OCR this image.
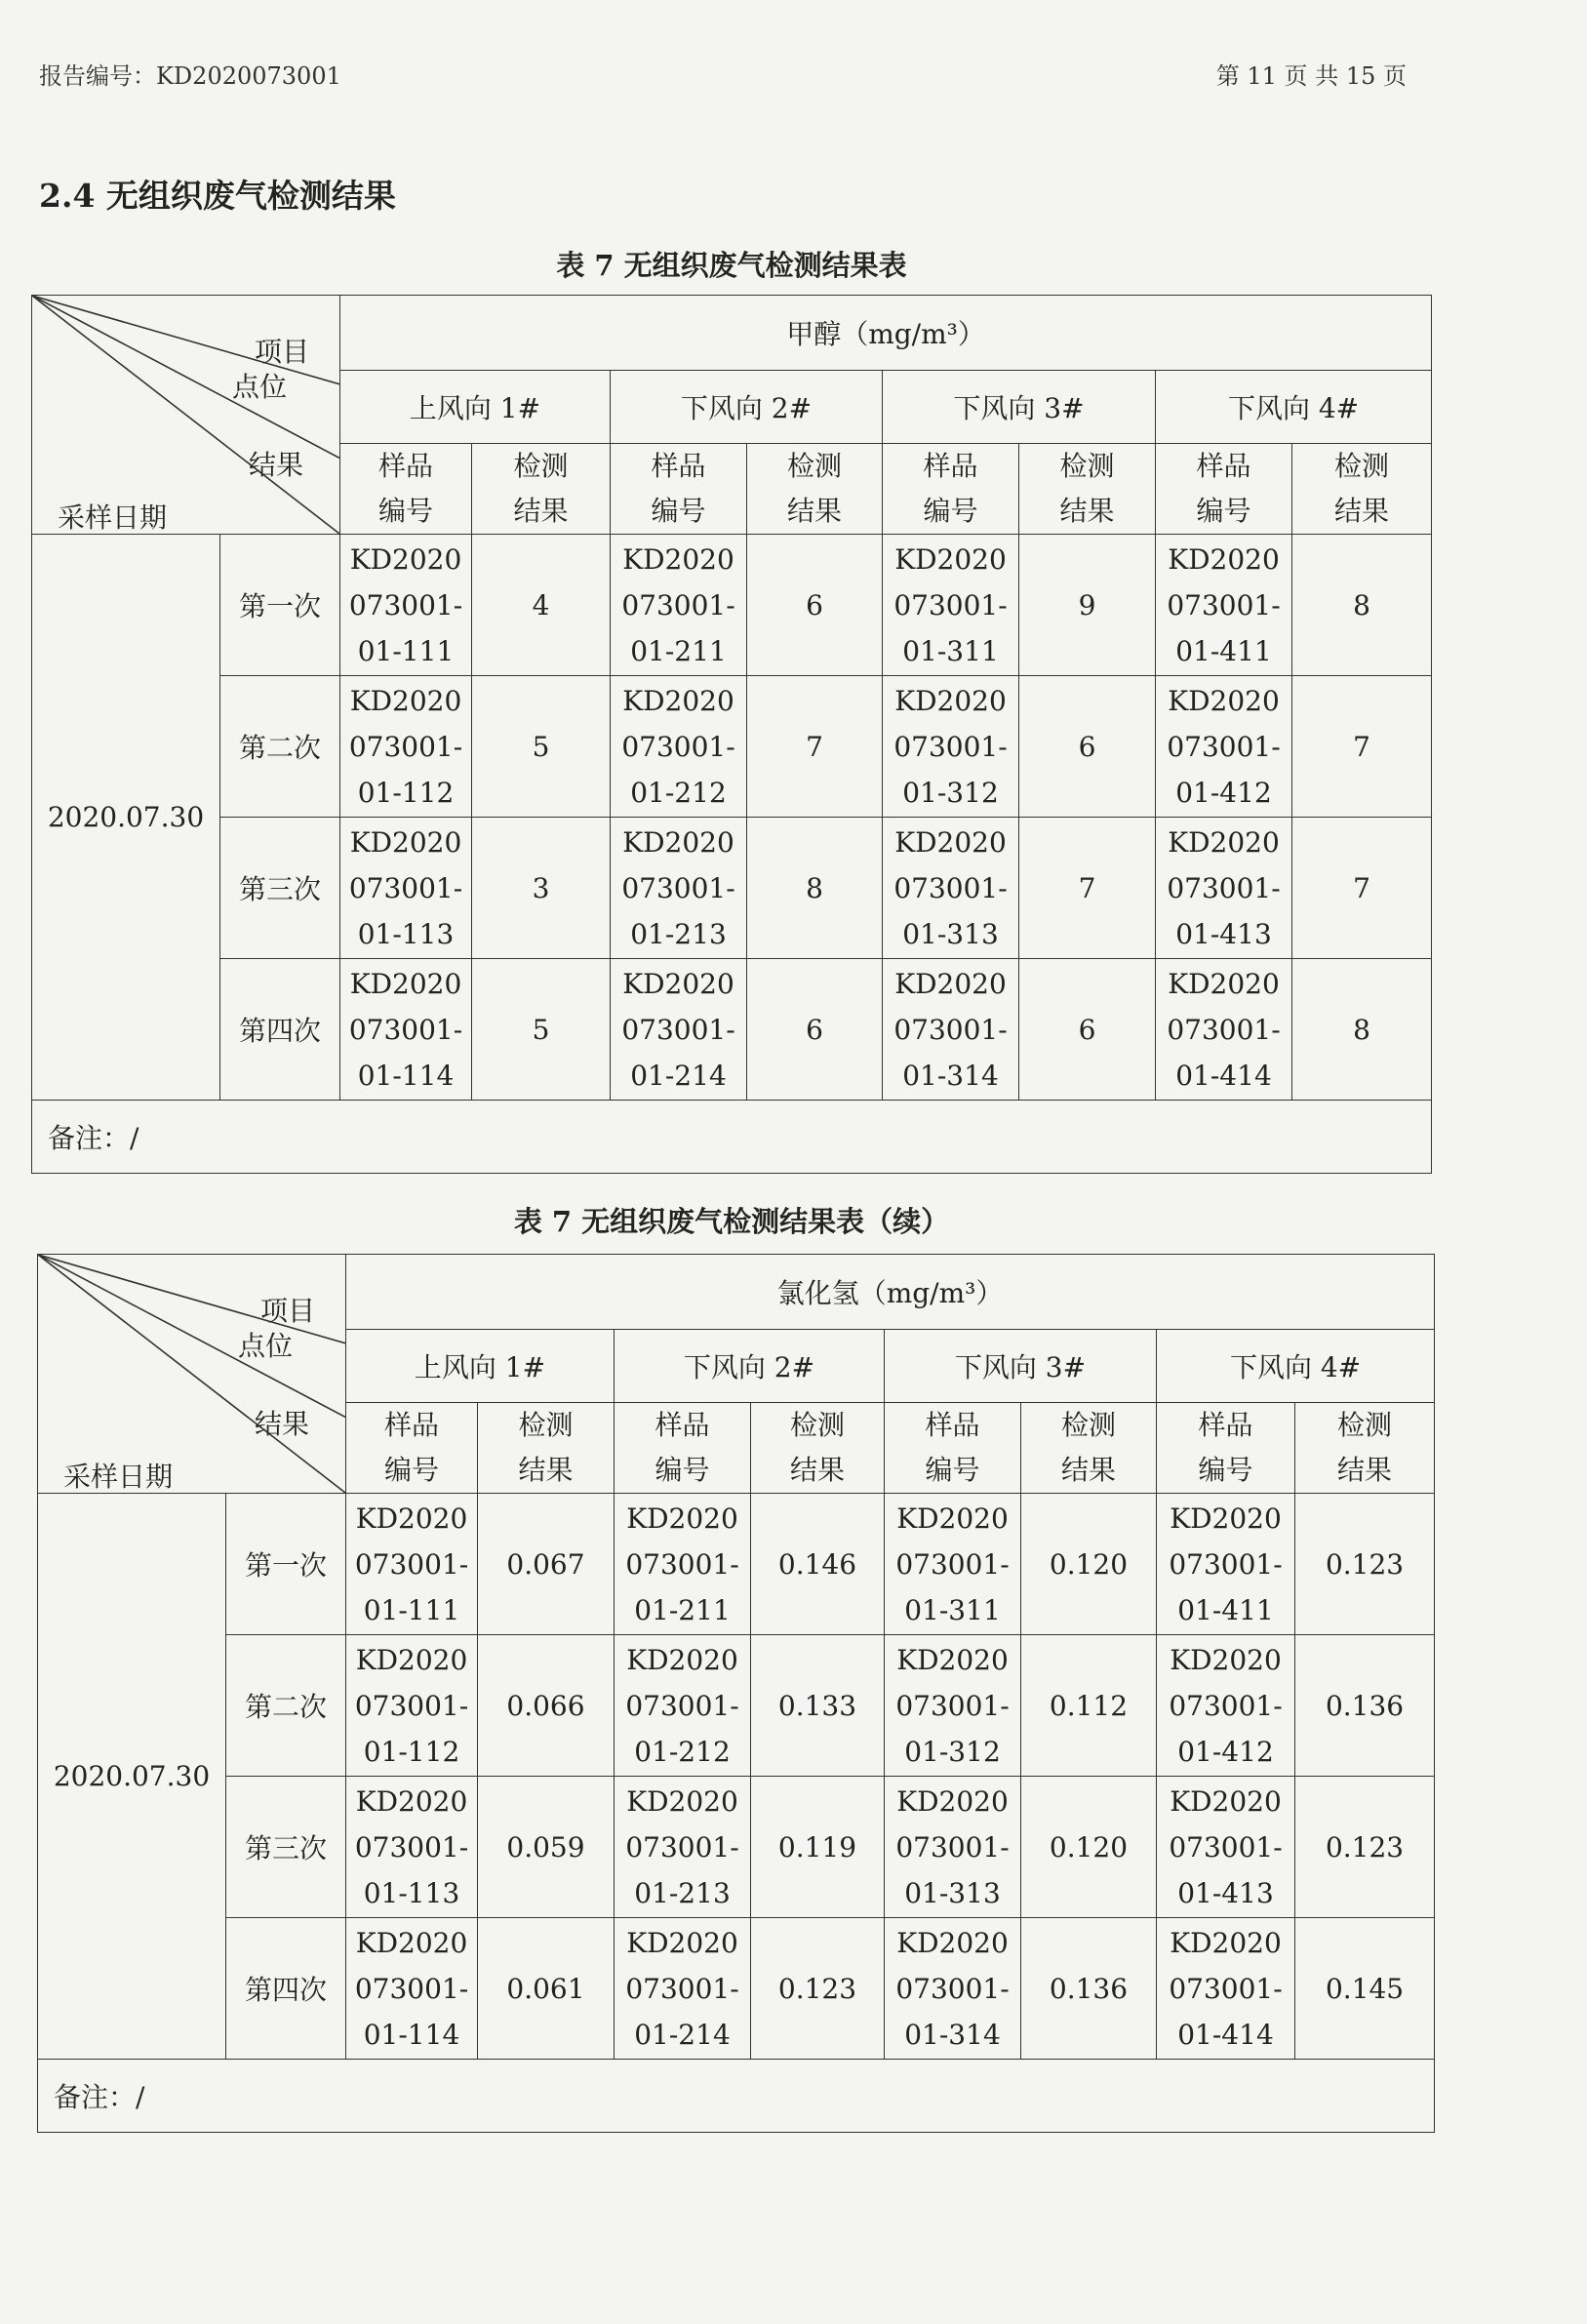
报告编号：KD2020073001	第 11 页 共 15 页
2.4 无组织废气检测结果
表 7 无组织废气检测结果表
项目
点位
结果
采样日期		甲醇（mg/m³）							
		上风向 1#		下风向 2#		下风向 3#		下风向 4#	
		样品
编号	检测
结果	样品
编号	检测
结果	样品
编号	检测
结果	样品
编号	检测
结果
2020.07.30	第一次	KD2020
073001-
01-111	4	KD2020
073001-
01-211	6	KD2020
073001-
01-311	9	KD2020
073001-
01-411	8
	第二次	KD2020
073001-
01-112	5	KD2020
073001-
01-212	7	KD2020
073001-
01-312	6	KD2020
073001-
01-412	7
	第三次	KD2020
073001-
01-113	3	KD2020
073001-
01-213	8	KD2020
073001-
01-313	7	KD2020
073001-
01-413	7
	第四次	KD2020
073001-
01-114	5	KD2020
073001-
01-214	6	KD2020
073001-
01-314	6	KD2020
073001-
01-414	8
备注：/									
表 7 无组织废气检测结果表（续）
项目
点位
结果
采样日期		氯化氢（mg/m³）							
		上风向 1#		下风向 2#		下风向 3#		下风向 4#	
		样品
编号	检测
结果	样品
编号	检测
结果	样品
编号	检测
结果	样品
编号	检测
结果
2020.07.30	第一次	KD2020
073001-
01-111	0.067	KD2020
073001-
01-211	0.146	KD2020
073001-
01-311	0.120	KD2020
073001-
01-411	0.123
	第二次	KD2020
073001-
01-112	0.066	KD2020
073001-
01-212	0.133	KD2020
073001-
01-312	0.112	KD2020
073001-
01-412	0.136
	第三次	KD2020
073001-
01-113	0.059	KD2020
073001-
01-213	0.119	KD2020
073001-
01-313	0.120	KD2020
073001-
01-413	0.123
	第四次	KD2020
073001-
01-114	0.061	KD2020
073001-
01-214	0.123	KD2020
073001-
01-314	0.136	KD2020
073001-
01-414	0.145
备注：/									
